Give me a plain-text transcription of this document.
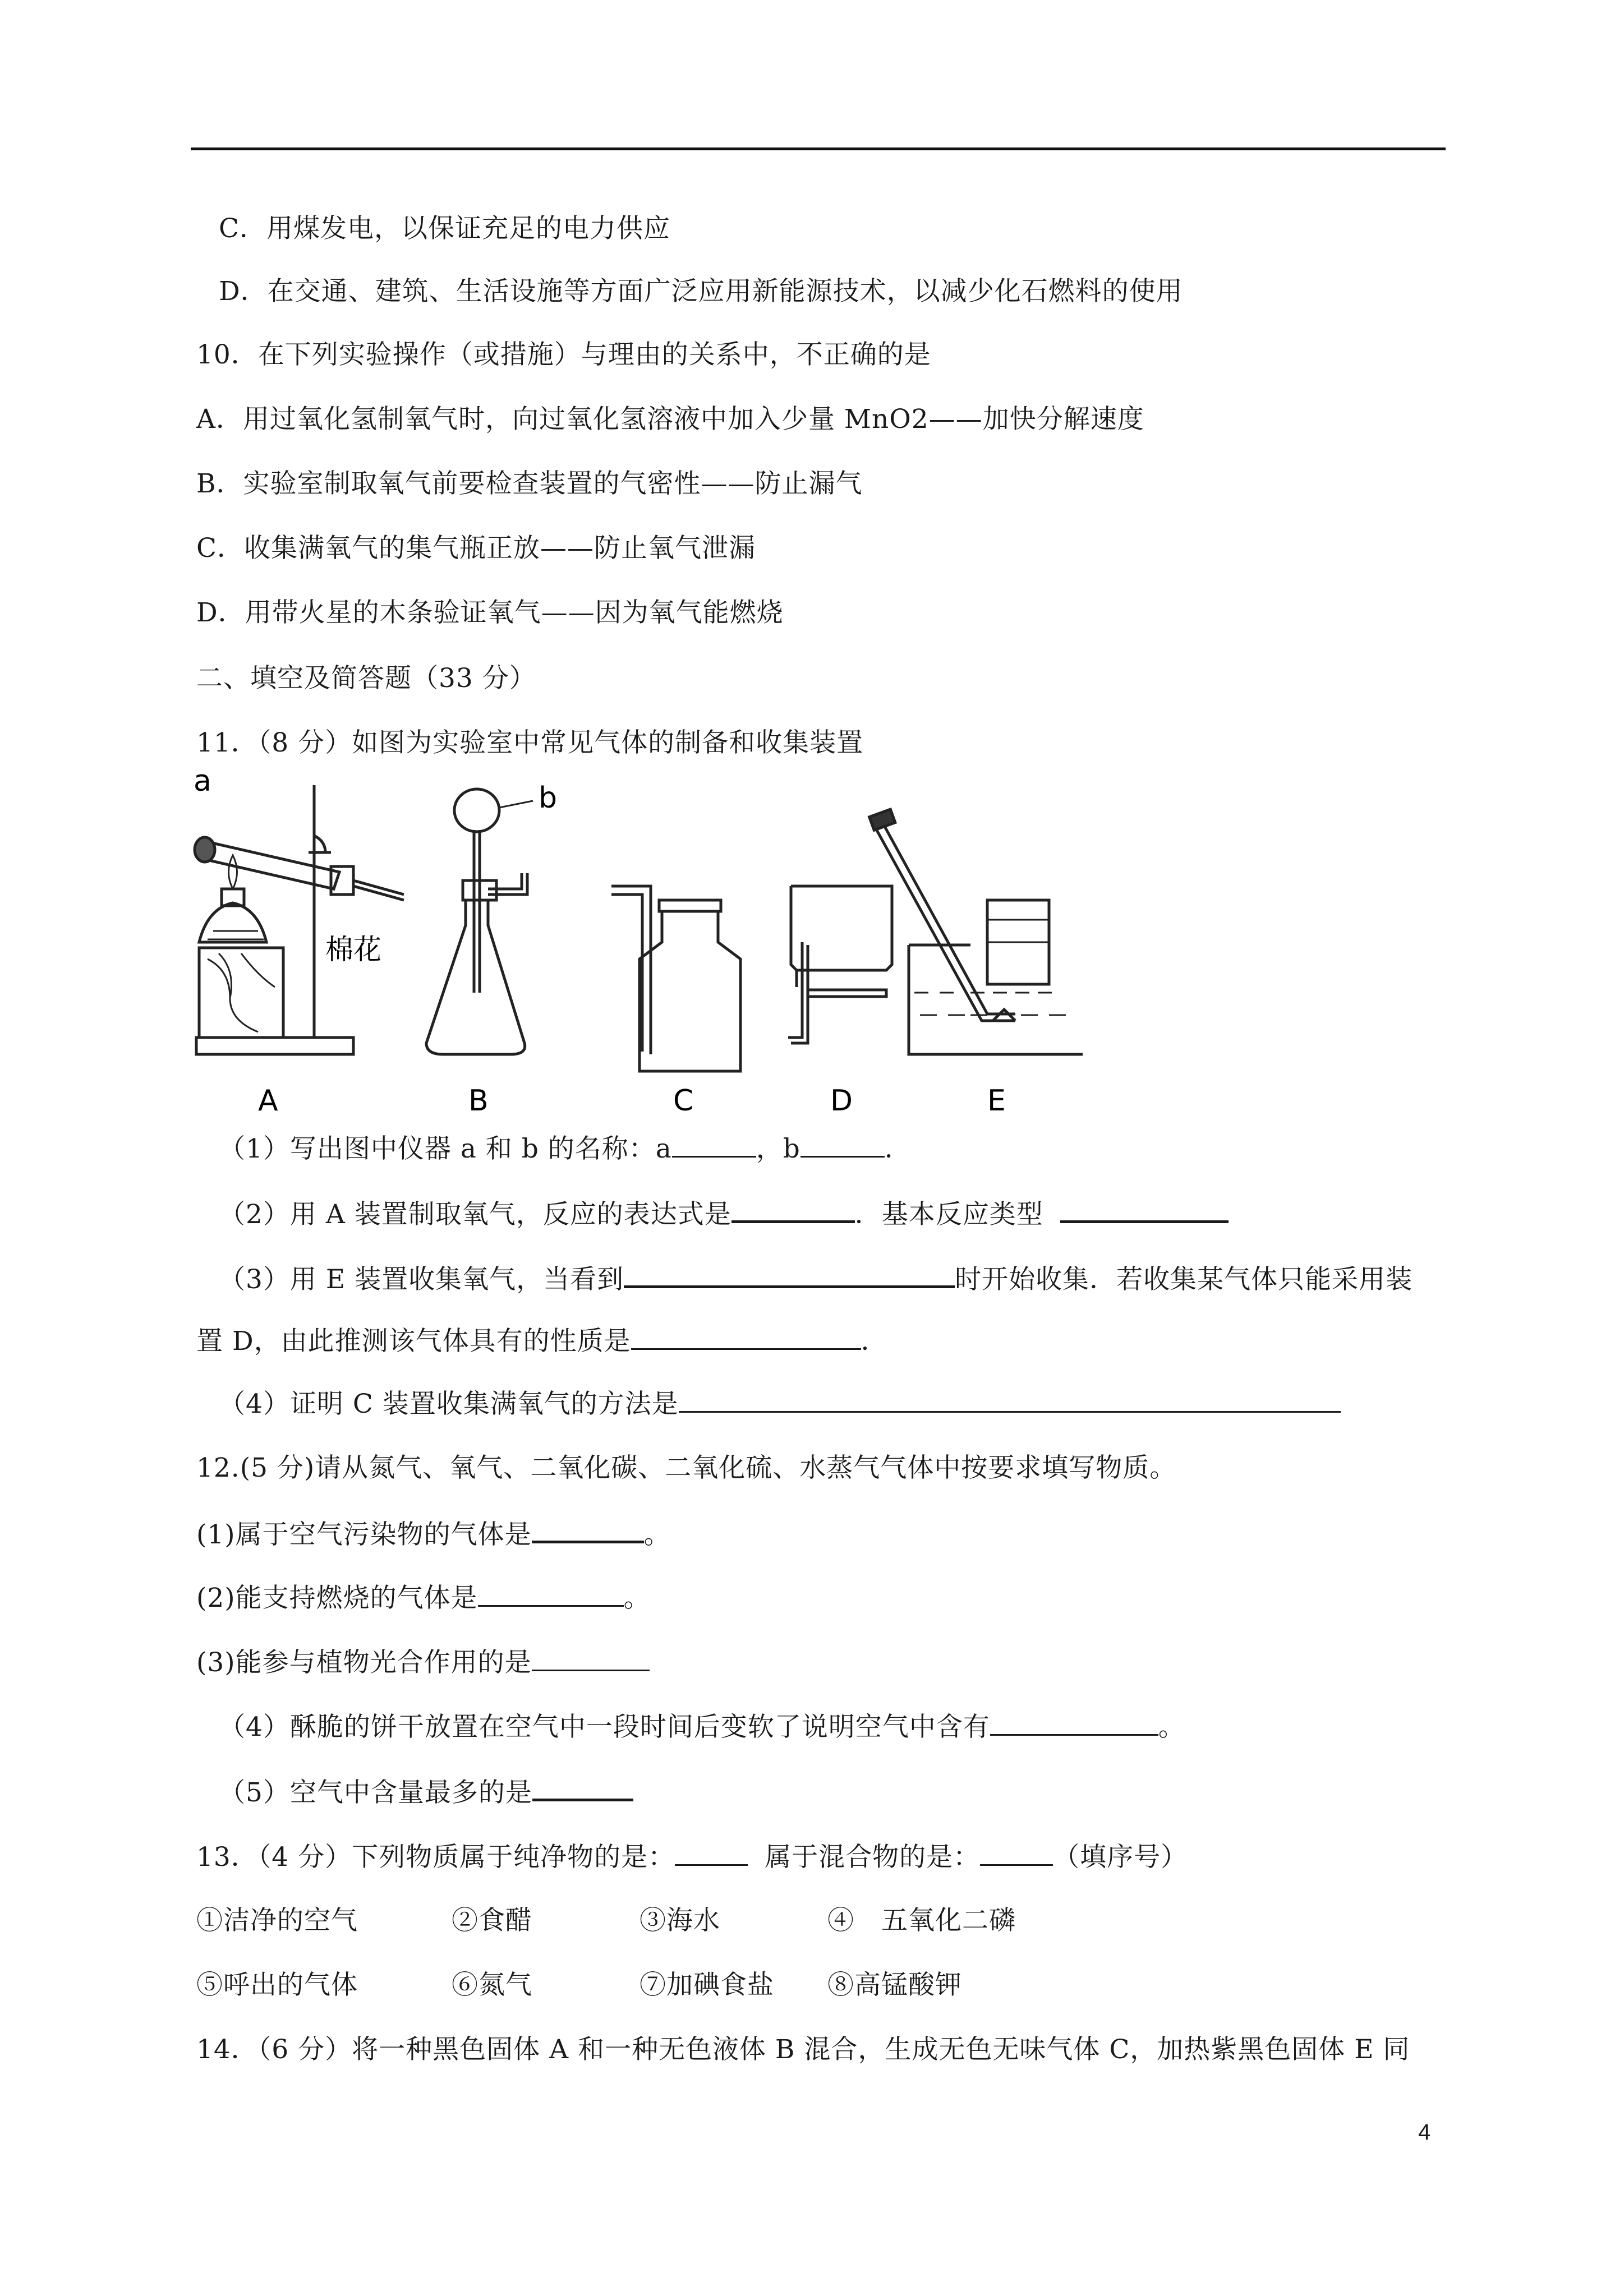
C．用煤发电，以保证充足的电力供应
D．在交通、建筑、生活设施等方面广泛应用新能源技术，以减少化石燃料的使用
10．在下列实验操作（或措施）与理由的关系中，不正确的是
A．用过氧化氢制氧气时，向过氧化氢溶液中加入少量 MnO2——加快分解速度
B．实验室制取氧气前要检查装置的气密性——防止漏气
C．收集满氧气的集气瓶正放——防止氧气泄漏
D．用带火星的木条验证氧气——因为氧气能燃烧
二、填空及简答题（33 分）
11．（8 分）如图为实验室中常见气体的制备和收集装置
a	b
棉花
A	B	C	D	E
（1）写出图中仪器 a 和 b 的名称：a	，b	．
（2）用 A 装置制取氧气，反应的表达式是	．基本反应类型
（3）用 E 装置收集氧气，当看到	时开始收集．若收集某气体只能采用装
置 D，由此推测该气体具有的性质是	．
（4）证明 C 装置收集满氧气的方法是
12.(5 分)请从氮气、氧气、二氧化碳、二氧化硫、水蒸气气体中按要求填写物质。
(1)属于空气污染物的气体是	。
(2)能支持燃烧的气体是	。
(3)能参与植物光合作用的是
（4）酥脆的饼干放置在空气中一段时间后变软了说明空气中含有	。
（5）空气中含量最多的是
13．（4 分）下列物质属于纯净物的是：	属于混合物的是：	（填序号）
①洁净的空气	②食醋	③海水	④　五氧化二磷
⑤呼出的气体	⑥氮气	⑦加碘食盐 ⑧高锰酸钾
14．（6 分）将一种黑色固体 A 和一种无色液体 B 混合，生成无色无味气体 C，加热紫黑色固体 E 同
4
